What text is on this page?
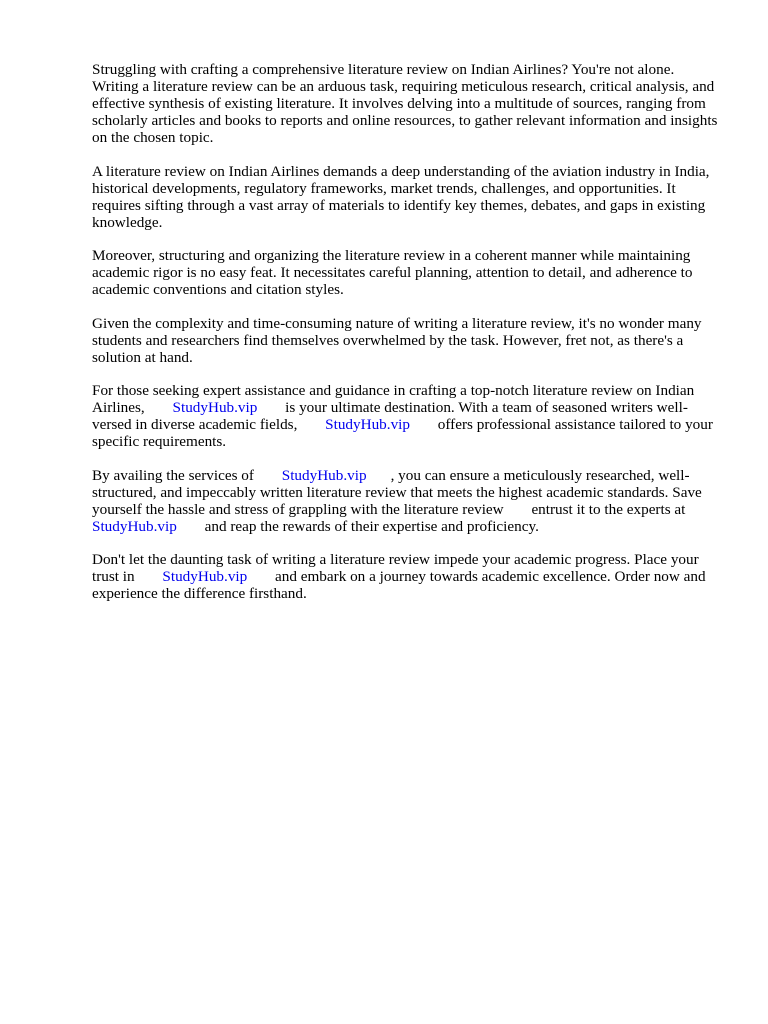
Struggling with crafting a comprehensive literature review on Indian Airlines? You're not alone. Writing a literature review can be an arduous task, requiring meticulous research, critical analysis, and effective synthesis of existing literature. It involves delving into a multitude of sources, ranging from scholarly articles and books to reports and online resources, to gather relevant information and insights on the chosen topic.

A literature review on Indian Airlines demands a deep understanding of the aviation industry in India, historical developments, regulatory frameworks, market trends, challenges, and opportunities. It requires sifting through a vast array of materials to identify key themes, debates, and gaps in existing knowledge.

Moreover, structuring and organizing the literature review in a coherent manner while maintaining academic rigor is no easy feat. It necessitates careful planning, attention to detail, and adherence to academic conventions and citation styles.

Given the complexity and time-consuming nature of writing a literature review, it's no wonder many students and researchers find themselves overwhelmed by the task. However, fret not, as there's a solution at hand.

For those seeking expert assistance and guidance in crafting a top-notch literature review on Indian Airlines, StudyHub.vip is your ultimate destination. With a team of seasoned writers well-versed in diverse academic fields, StudyHub.vip offers professional assistance tailored to your specific requirements.

By availing the services of StudyHub.vip , you can ensure a meticulously researched, well-structured, and impeccably written literature review that meets the highest academic standards. Save yourself the hassle and stress of grappling with the literature review entrust it to the experts at StudyHub.vip and reap the rewards of their expertise and proficiency.

Don't let the daunting task of writing a literature review impede your academic progress. Place your trust in StudyHub.vip and embark on a journey towards academic excellence. Order now and experience the difference firsthand.
